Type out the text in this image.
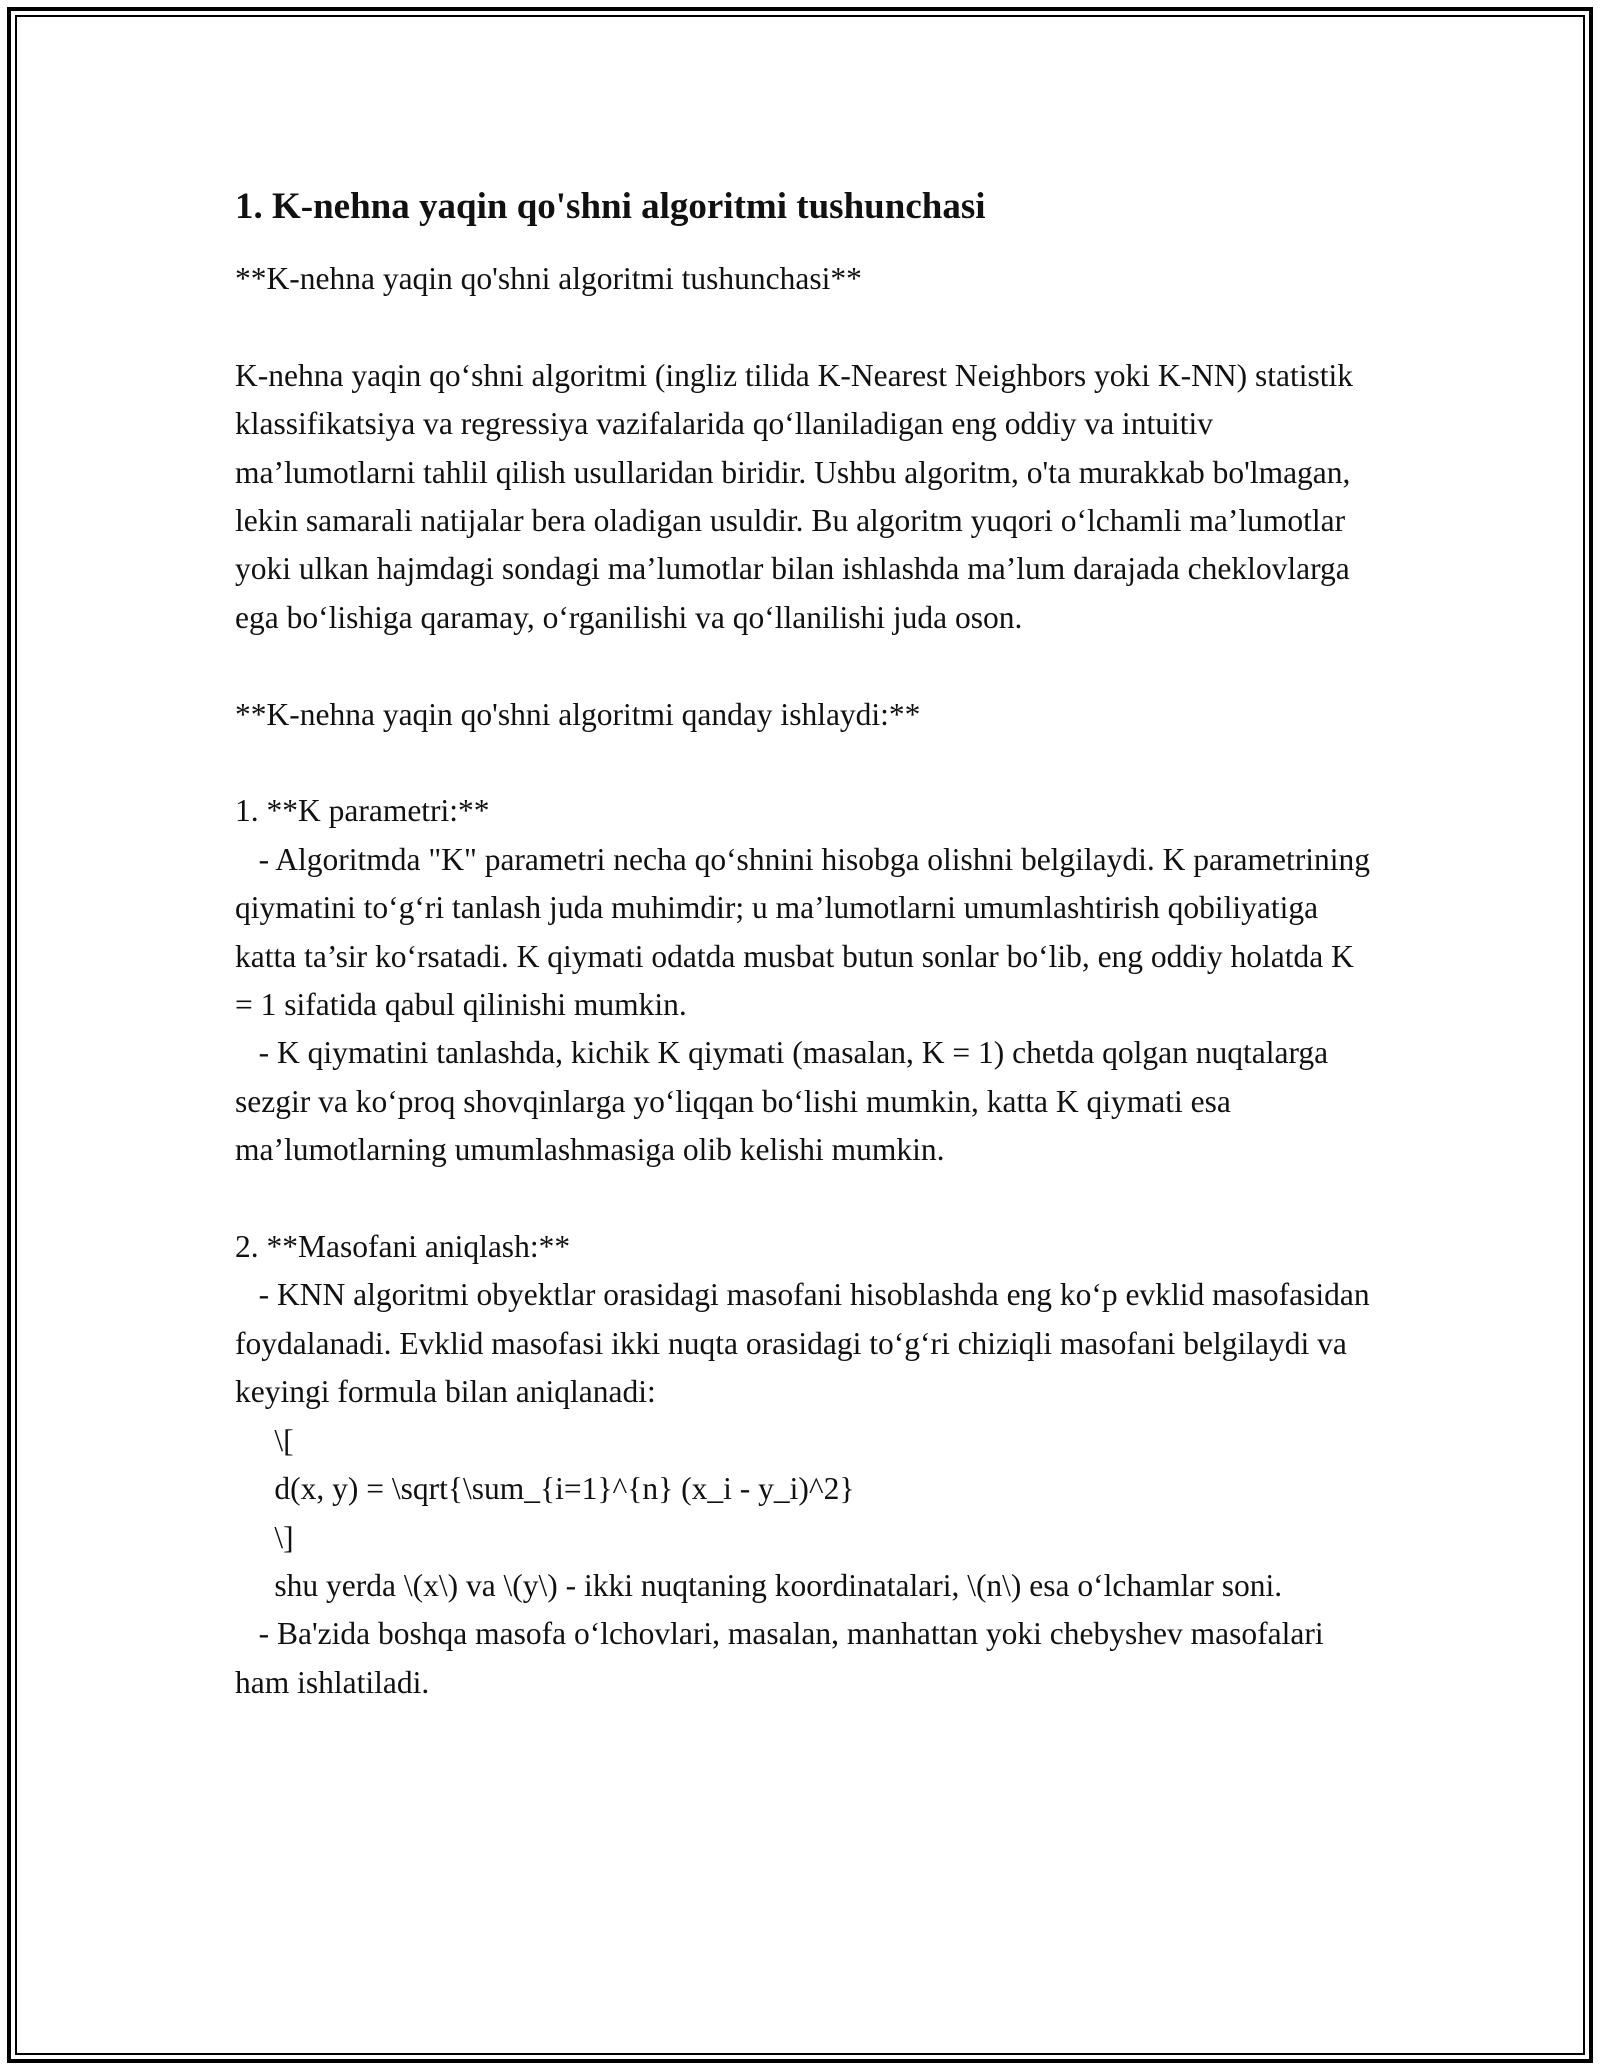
1. K-nehna yaqin qo'shni algoritmi tushunchasi

**K-nehna yaqin qo'shni algoritmi tushunchasi**

K-nehna yaqin qo‘shni algoritmi (ingliz tilida K-Nearest Neighbors yoki K-NN) statistik klassifikatsiya va regressiya vazifalarida qo‘llaniladigan eng oddiy va intuitiv ma’lumotlarni tahlil qilish usullaridan biridir. Ushbu algoritm, o'ta murakkab bo'lmagan, lekin samarali natijalar bera oladigan usuldir. Bu algoritm yuqori o‘lchamli ma’lumotlar yoki ulkan hajmdagi sondagi ma’lumotlar bilan ishlashda ma’lum darajada cheklovlarga ega bo‘lishiga qaramay, o‘rganilishi va qo‘llanilishi juda oson.

**K-nehna yaqin qo'shni algoritmi qanday ishlaydi:**

1. **K parametri:**

- Algoritmda "K" parametri necha qo‘shnini hisobga olishni belgilaydi. K parametrining qiymatini to‘g‘ri tanlash juda muhimdir; u ma’lumotlarni umumlashtirish qobiliyatiga katta ta’sir ko‘rsatadi. K qiymati odatda musbat butun sonlar bo‘lib, eng oddiy holatda K = 1 sifatida qabul qilinishi mumkin.

- K qiymatini tanlashda, kichik K qiymati (masalan, K = 1) chetda qolgan nuqtalarga sezgir va ko‘proq shovqinlarga yo‘liqqan bo‘lishi mumkin, katta K qiymati esa ma’lumotlarning umumlashmasiga olib kelishi mumkin.

2. **Masofani aniqlash:**

- KNN algoritmi obyektlar orasidagi masofani hisoblashda eng ko‘p evklid masofasidan foydalanadi. Evklid masofasi ikki nuqta orasidagi to‘g‘ri chiziqli masofani belgilaydi va keyingi formula bilan aniqlanadi:

\[

d(x, y) = \sqrt{\sum_{i=1}^{n} (x_i - y_i)^2}

\]

shu yerda \(x\) va \(y\) - ikki nuqtaning koordinatalari, \(n\) esa o‘lchamlar soni.

- Ba'zida boshqa masofa o‘lchovlari, masalan, manhattan yoki chebyshev masofalari ham ishlatiladi.
